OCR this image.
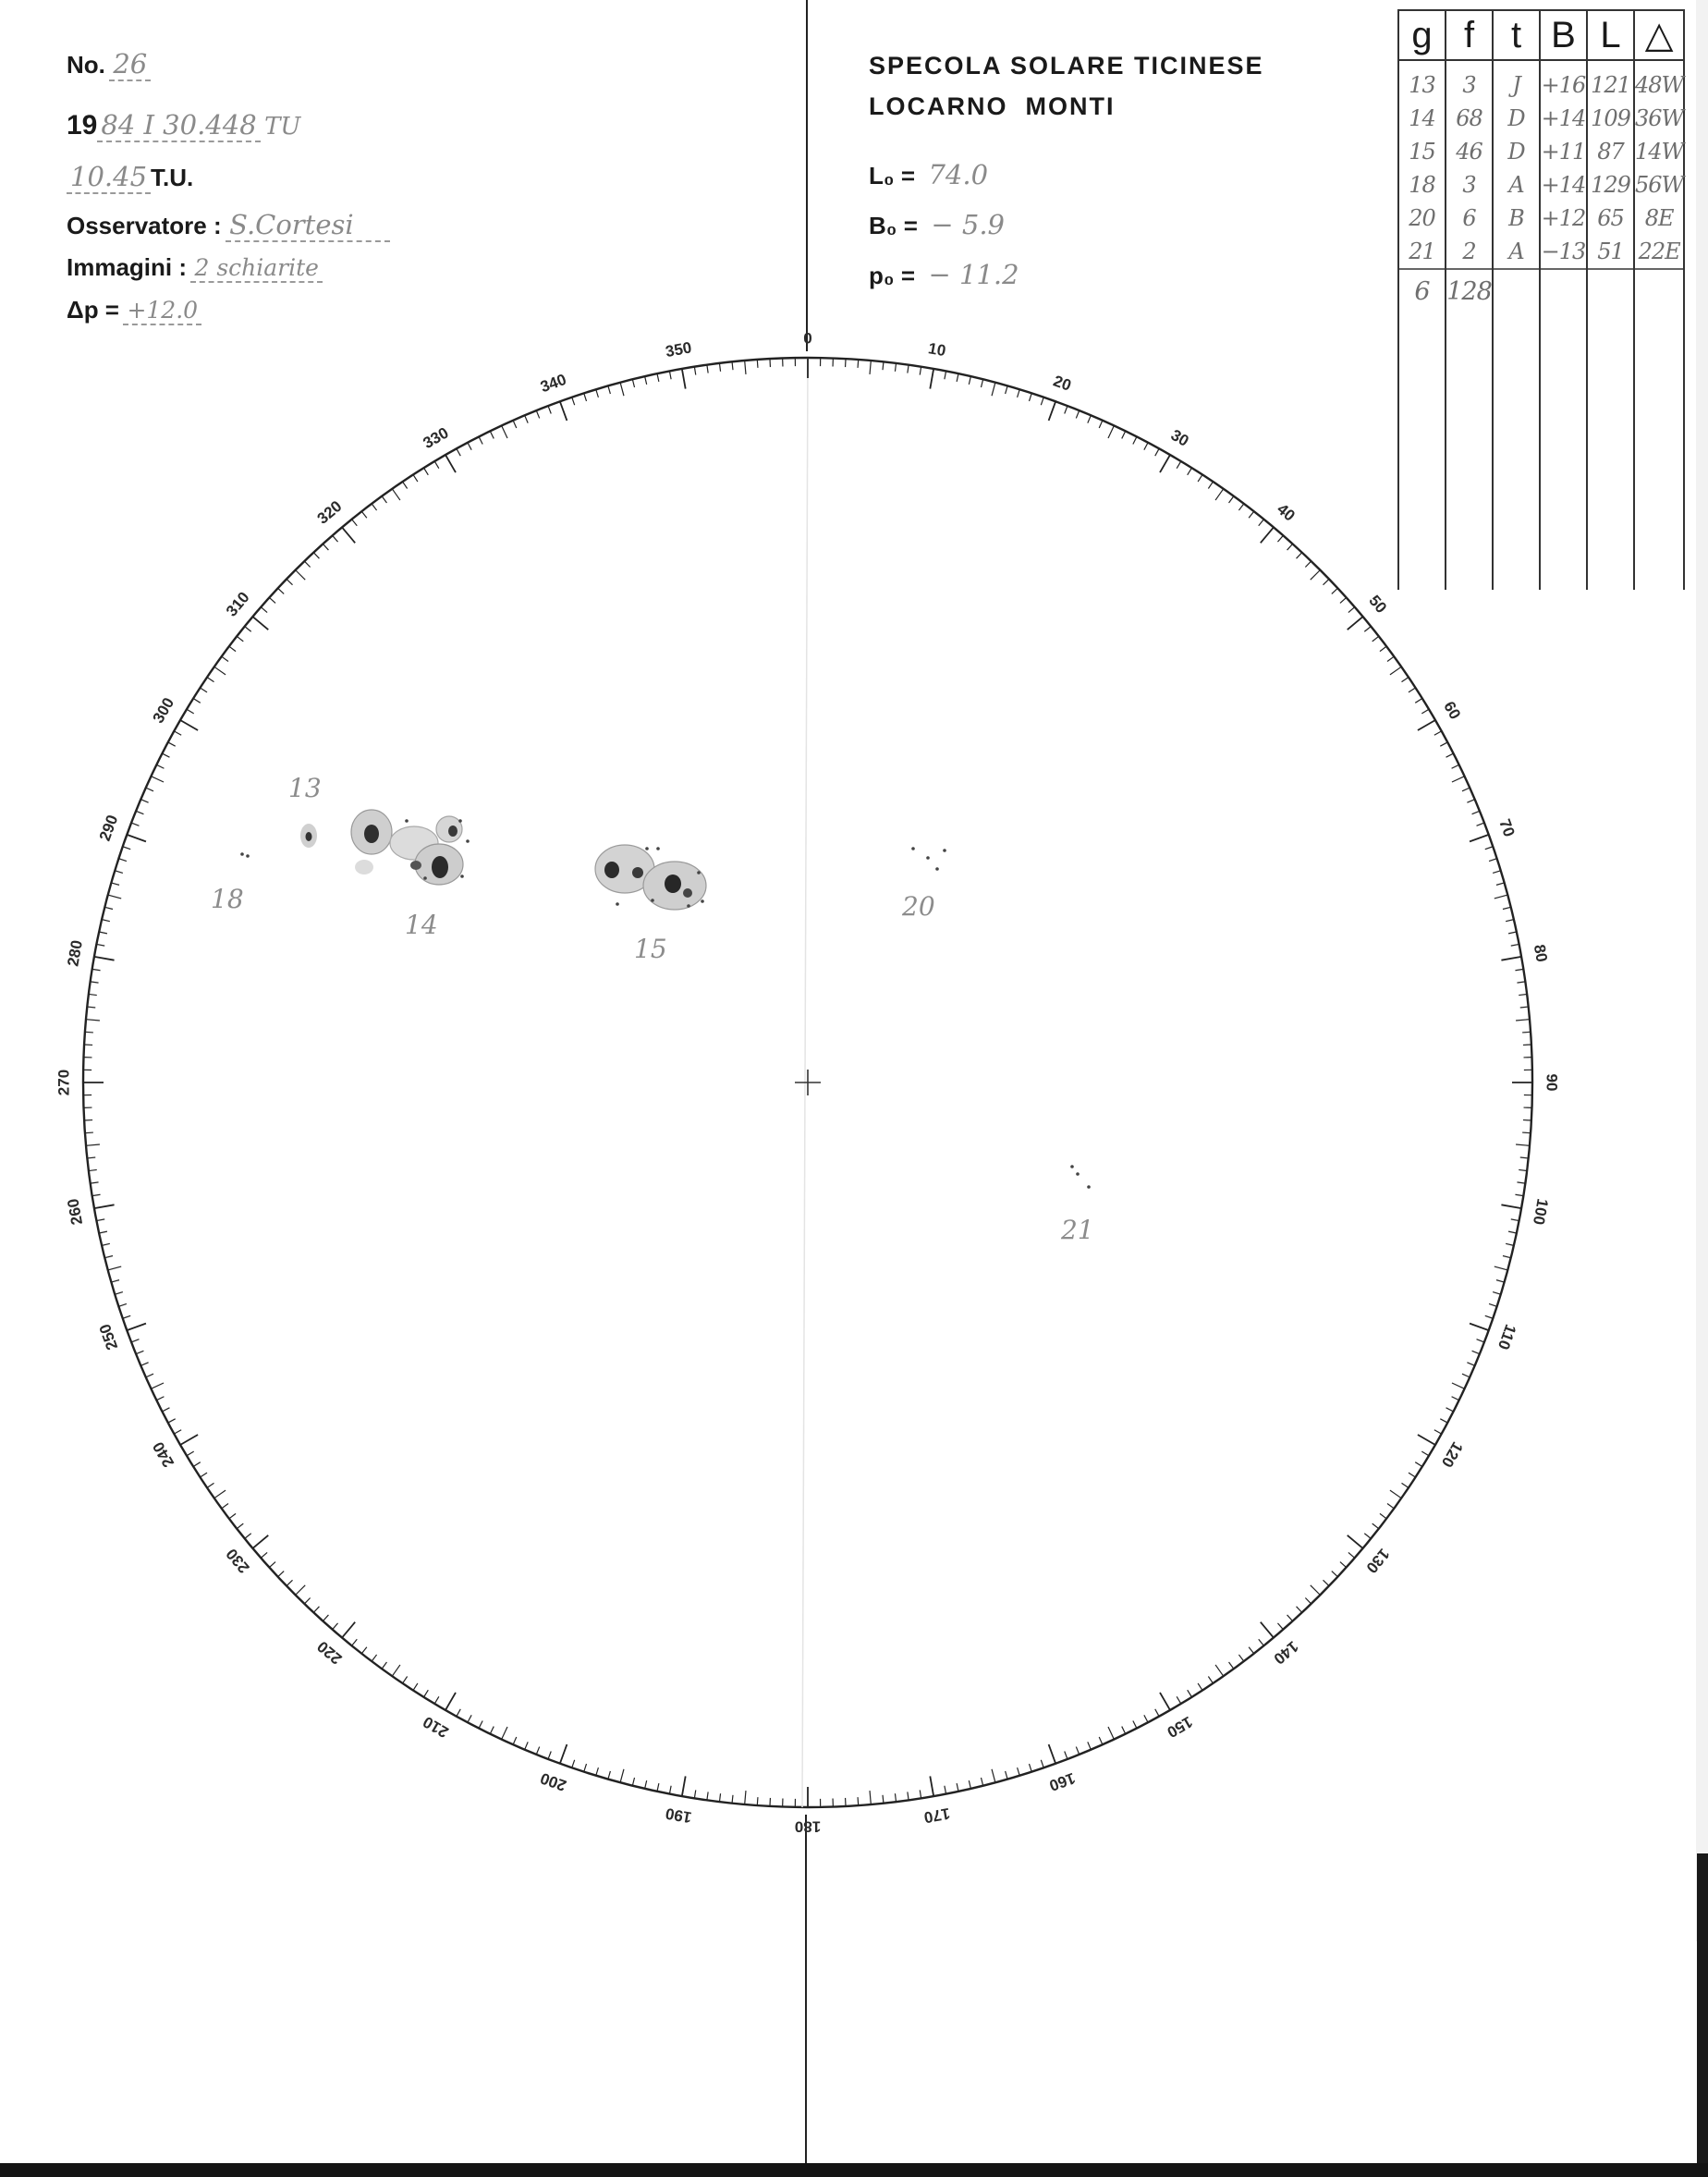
No. 26
19 84 I 30.448 TU
10.45 T.U.
Osservatore : S.Cortesi
Immagini : 2 schiarite
Δp = +12.0
SPECOLA SOLARE TICINESE
LOCARNO  MONTI
L₀ = 74.0
B₀ = − 5.9
p₀ = − 11.2
g	f	t	B	L	△

13	3	J	+16	121	48W
14	68	D	+14	109	36W
15	46	D	+11	87	14W
18	3	A	+14	129	56W
20	6	B	+12	65	8E
21	2	A	−13	51	22E
6	128				

0
10
20
30
40
50
60
70
80
90
100
110
120
130
140
150
160
170
180
190
200
210
220
230
240
250
260
270
280
290
300
310
320
330
340
350
13
14
15
18	20
21
